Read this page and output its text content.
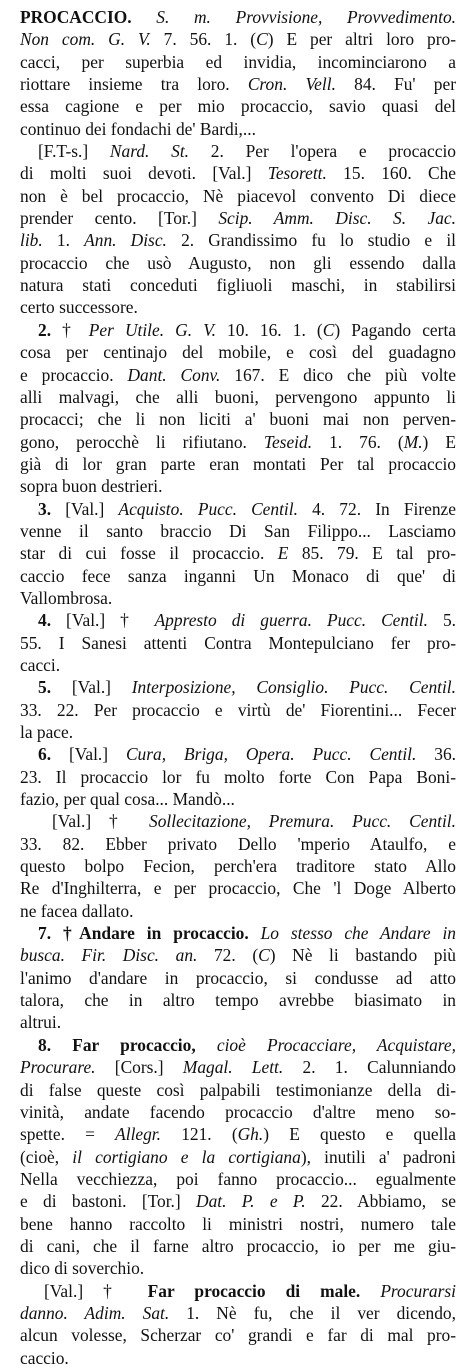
PROCACCIO. S. m. Provvisione, Provvedimento.
Non com. G. V. 7. 56. 1. (C) E per altri loro pro-
cacci, per superbia ed invidia, incominciarono a
riottare insieme tra loro. Cron. Vell. 84. Fu' per
essa cagione e per mio procaccio, savio quasi del
continuo dei fondachi de' Bardi,...
[F.T-s.] Nard. St. 2. Per l'opera e procaccio
di molti suoi devoti. [Val.] Tesorett. 15. 160. Che
non è bel procaccio, Nè piacevol convento Di diece
prender cento. [Tor.] Scip. Amm. Disc. S. Jac.
lib. 1. Ann. Disc. 2. Grandissimo fu lo studio e il
procaccio che usò Augusto, non gli essendo dalla
natura stati conceduti figliuoli maschi, in stabilirsi
certo successore.
2. † Per Utile. G. V. 10. 16. 1. (C) Pagando certa
cosa per centinajo del mobile, e così del guadagno
e procaccio. Dant. Conv. 167. E dico che più volte
alli malvagi, che alli buoni, pervengono appunto li
procacci; che li non liciti a' buoni mai non perven-
gono, perocchè li rifiutano. Teseid. 1. 76. (M.) E
già di lor gran parte eran montati Per tal procaccio
sopra buon destrieri.
3. [Val.] Acquisto. Pucc. Centil. 4. 72. In Firenze
venne il santo braccio Di San Filippo... Lasciamo
star di cui fosse il procaccio. E 85. 79. E tal pro-
caccio fece sanza inganni Un Monaco di que' di
Vallombrosa.
4. [Val.] † Appresto di guerra. Pucc. Centil. 5.
55. I Sanesi attenti Contra Montepulciano fer pro-
cacci.
5. [Val.] Interposizione, Consiglio. Pucc. Centil.
33. 22. Per procaccio e virtù de' Fiorentini... Fecer
la pace.
6. [Val.] Cura, Briga, Opera. Pucc. Centil. 36.
23. Il procaccio lor fu molto forte Con Papa Boni-
fazio, per qual cosa... Mandò...
[Val.] † Sollecitazione, Premura. Pucc. Centil.
33. 82. Ebber privato Dello 'mperio Ataulfo, e
questo bolpo Fecion, perch'era traditore stato Allo
Re d'Inghilterra, e per procaccio, Che 'l Doge Alberto
ne facea dallato.
7. †Andare in procaccio. Lo stesso che Andare in
busca. Fir. Disc. an. 72. (C) Nè li bastando più
l'animo d'andare in procaccio, si condusse ad atto
talora, che in altro tempo avrebbe biasimato in
altrui.
8. Far procaccio, cioè Procacciare, Acquistare,
Procurare. [Cors.] Magal. Lett. 2. 1. Calunniando
di false queste così palpabili testimonianze della di-
vinità, andate facendo procaccio d'altre meno so-
spette. = Allegr. 121. (Gh.) E questo e quella
(cioè, il cortigiano e la cortigiana), inutili a' padroni
Nella vecchiezza, poi fanno procaccio... egualmente
e di bastoni. [Tor.] Dat. P. e P. 22. Abbiamo, se
bene hanno raccolto li ministri nostri, numero tale
di cani, che il farne altro procaccio, io per me giu-
dico di soverchio.
[Val.] † Far procaccio di male. Procurarsi
danno. Adim. Sat. 1. Nè fu, che il ver dicendo,
alcun volesse, Scherzar co' grandi e far di mal pro-
caccio.
